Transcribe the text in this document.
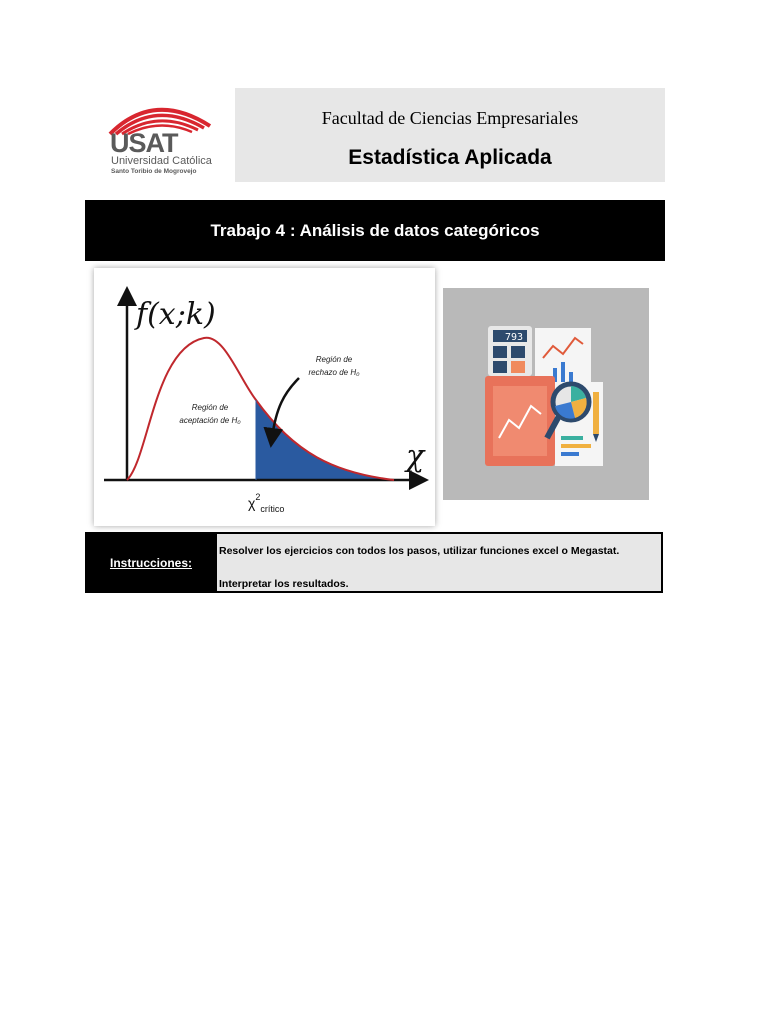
USAT
Universidad Católica
Santo Toribio de Mogrovejo
Facultad de Ciencias Empresariales
Estadística Aplicada
Trabajo 4 : Análisis de datos categóricos
f(x;k)
χ
Región de
aceptación de H₀
Región de
rechazo de H₀
$\chi^2_{crítico}$
793
Instrucciones:
Resolver los ejercicios con todos los pasos, utilizar funciones excel o Megastat.
Interpretar los resultados.
